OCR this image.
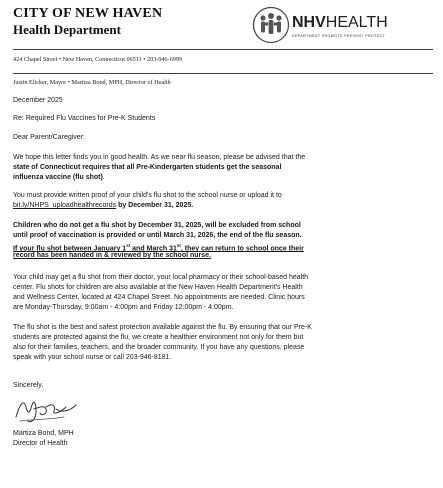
CITY OF NEW HAVEN
Health Department	NHVHEALTH
DEPARTMENT PROMOTE PREVENT PROTECT
424 Chapel Street • New Haven, Connecticut 06511 • 203-946-6999
Justin Elicker, Mayor • Maritza Bond, MPH, Director of Health
December 2025
Re: Required Flu Vaccines for Pre-K Students
Dear Parent/Caregiver:
We hope this letter finds you in good health. As we near flu season, please be advised that the
state of Connecticut requires that all Pre-Kindergarten students get the seasonal
influenza vaccine (flu shot).
You must provide written proof of your child's flu shot to the school nurse or upload it to
bit.ly/NHPS_uploadhealthrecords by December 31, 2025.
Children who do not get a flu shot by December 31, 2025, will be excluded from school
until proof of vaccination is provided or until March 31, 2026, the end of the flu season.
If your flu shot between January 1st and March 31st, they can return to school once their
record has been handed in & reviewed by the school nurse.
Your child may get a flu shot from their doctor, your local pharmacy or their school-based health
center. Flu shots for children are also available at the New Haven Health Department's Health
and Wellness Center, located at 424 Chapel Street. No appointments are needed. Clinic hours
are Monday-Thursday, 9:00am - 4:00pm and Friday 12:00pm - 4:00pm.
The flu shot is the best and safest protection available against the flu. By ensuring that our Pre-K
students are protected against the flu, we create a healthier environment not only for them but
also for their families, teachers, and the broader community. If you have any questions, please
speak with your school nurse or call 203-946-8181.
Sincerely,
Martiza Bond, MPH
Director of Health
